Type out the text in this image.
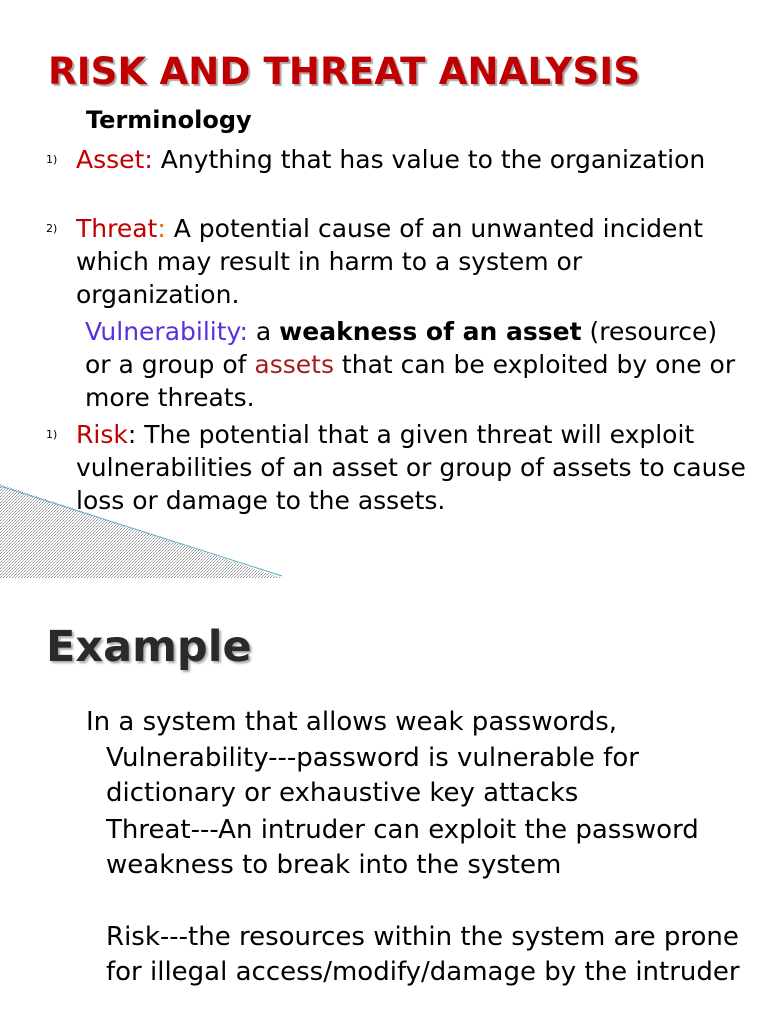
RISK AND THREAT ANALYSIS
Terminology

1) Asset: Anything that has value to the organization

2) Threat: A potential cause of an unwanted incident which may result in harm to a system or organization.

Vulnerability: a weakness of an asset (resource) or a group of assets that can be exploited by one or more threats.

1) Risk: The potential that a given threat will exploit vulnerabilities of an asset or group of assets to cause loss or damage to the assets.

Example

In a system that allows weak passwords,

Vulnerability---password is vulnerable for dictionary or exhaustive key attacks

Threat---An intruder can exploit the password weakness to break into the system

Risk---the resources within the system are prone for illegal access/modify/damage by the intruder
